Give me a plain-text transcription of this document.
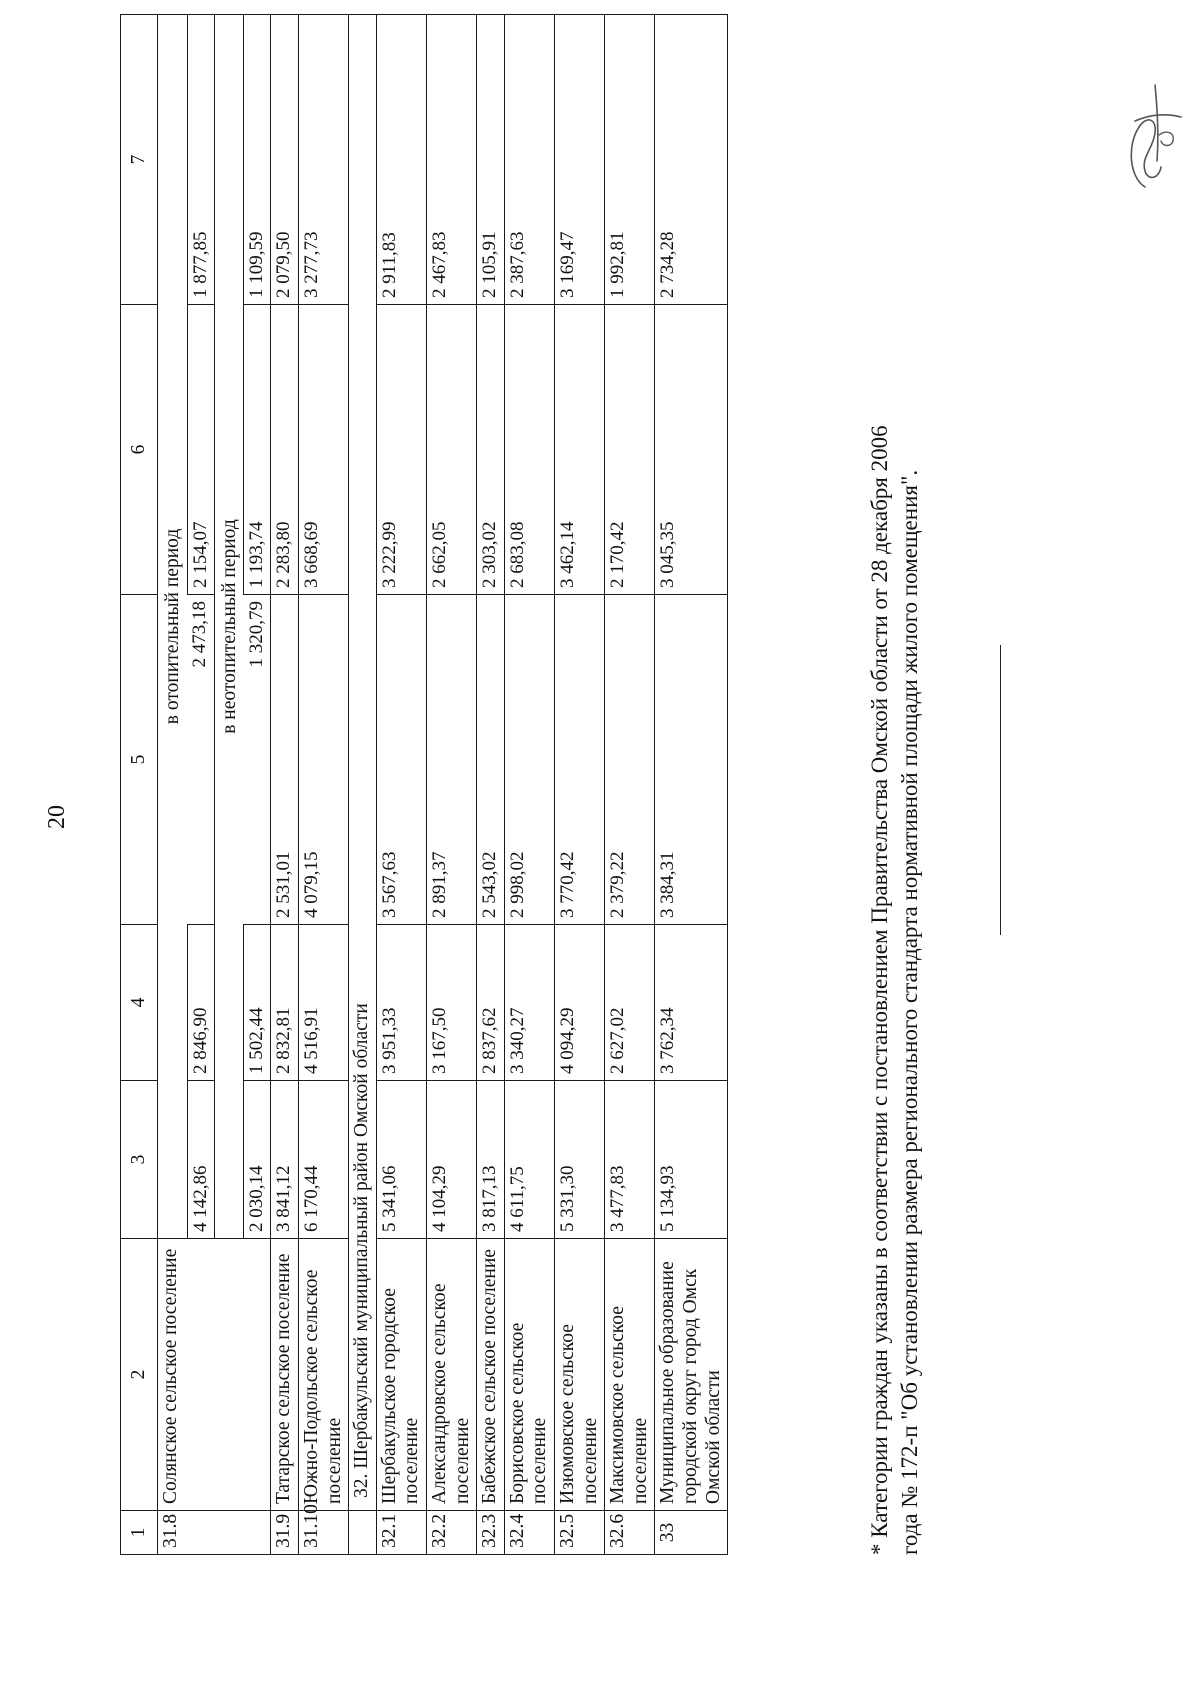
20
1	2	3	4	5	6	7
31.8	Солянское сельское поселение	в отопительный период				
		4 142,86	2 846,90	2 473,18	2 154,07	1 877,85
		в неотопительный период				
		2 030,14	1 502,44	1 320,79	1 193,74	1 109,59
31.9	Татарское сельское поселение	3 841,12	2 832,81	2 531,01	2 283,80	2 079,50
31.10	Южно-Подольское сельское поселение	6 170,44	4 516,91	4 079,15	3 668,69	3 277,73
	32. Шербакульский муниципальный район Омской области					
32.1	Шербакульское городское поселение	5 341,06	3 951,33	3 567,63	3 222,99	2 911,83
32.2	Александровское сельское поселение	4 104,29	3 167,50	2 891,37	2 662,05	2 467,83
32.3	Бабежское сельское поселение	3 817,13	2 837,62	2 543,02	2 303,02	2 105,91
32.4	Борисовское сельское поселение	4 611,75	3 340,27	2 998,02	2 683,08	2 387,63
32.5	Изюмовское сельское поселение	5 331,30	4 094,29	3 770,42	3 462,14	3 169,47
32.6	Максимовское сельское поселение	3 477,83	2 627,02	2 379,22	2 170,42	1 992,81
33	Муниципальное образование городской округ город Омск Омской области	5 134,93	3 762,34	3 384,31	3 045,35	2 734,28
* Категории граждан указаны в соответствии с постановлением Правительства Омской области от 28 декабря 2006 года № 172-п "Об установлении размера регионального стандарта нормативной площади жилого помещения".
